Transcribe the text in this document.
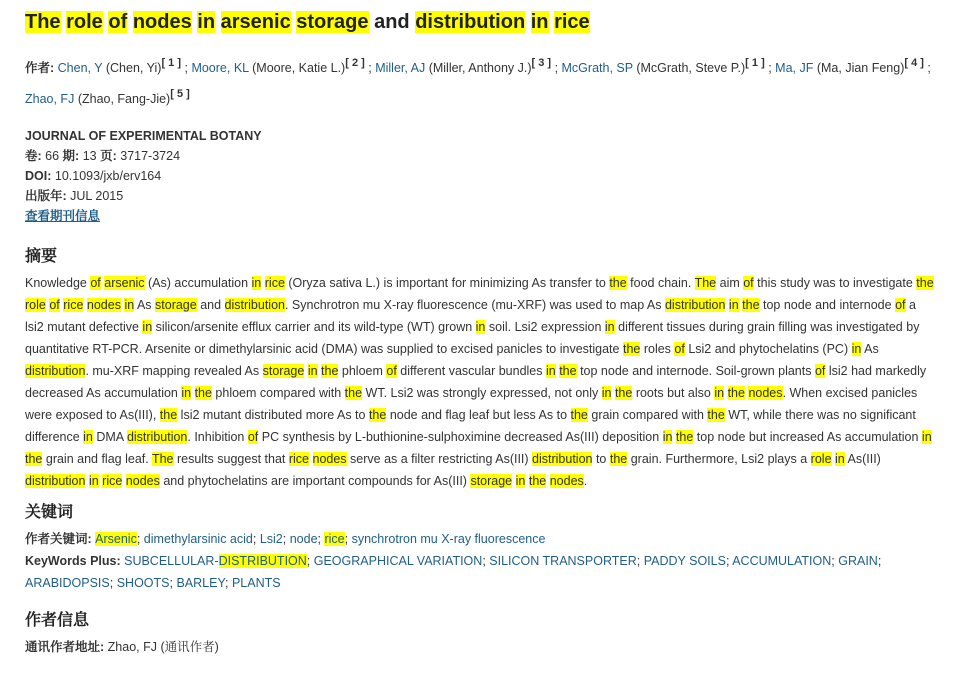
The role of nodes in arsenic storage and distribution in rice
作者: Chen, Y (Chen, Yi)[ 1 ] ; Moore, KL (Moore, Katie L.)[ 2 ] ; Miller, AJ (Miller, Anthony J.)[ 3 ] ; McGrath, SP (McGrath, Steve P.)[ 1 ] ; Ma, JF (Ma, Jian Feng)[ 4 ] ; Zhao, FJ (Zhao, Fang-Jie)[ 5 ]
JOURNAL OF EXPERIMENTAL BOTANY
卷: 66 期: 13 页: 3717-3724
DOI: 10.1093/jxb/erv164
出版年: JUL 2015
查看期刊信息
摘要
Knowledge of arsenic (As) accumulation in rice (Oryza sativa L.) is important for minimizing As transfer to the food chain. The aim of this study was to investigate the role of rice nodes in As storage and distribution. Synchrotron mu X-ray fluorescence (mu-XRF) was used to map As distribution in the top node and internode of a lsi2 mutant defective in silicon/arsenite efflux carrier and its wild-type (WT) grown in soil. Lsi2 expression in different tissues during grain filling was investigated by quantitative RT-PCR. Arsenite or dimethylarsinic acid (DMA) was supplied to excised panicles to investigate the roles of Lsi2 and phytochelatins (PC) in As distribution. mu-XRF mapping revealed As storage in the phloem of different vascular bundles in the top node and internode. Soil-grown plants of lsi2 had markedly decreased As accumulation in the phloem compared with the WT. Lsi2 was strongly expressed, not only in the roots but also in the nodes. When excised panicles were exposed to As(III), the lsi2 mutant distributed more As to the node and flag leaf but less As to the grain compared with the WT, while there was no significant difference in DMA distribution. Inhibition of PC synthesis by L-buthionine-sulphoximine decreased As(III) deposition in the top node but increased As accumulation in the grain and flag leaf. The results suggest that rice nodes serve as a filter restricting As(III) distribution to the grain. Furthermore, Lsi2 plays a role in As(III) distribution in rice nodes and phytochelatins are important compounds for As(III) storage in the nodes.
关键词
作者关键词: Arsenic; dimethylarsinic acid; Lsi2; node; rice; synchrotron mu X-ray fluorescence
KeyWords Plus: SUBCELLULAR-DISTRIBUTION; GEOGRAPHICAL VARIATION; SILICON TRANSPORTER; PADDY SOILS; ACCUMULATION; GRAIN; ARABIDOPSIS; SHOOTS; BARLEY; PLANTS
作者信息
通讯作者地址: Zhao, FJ (通讯作者)
